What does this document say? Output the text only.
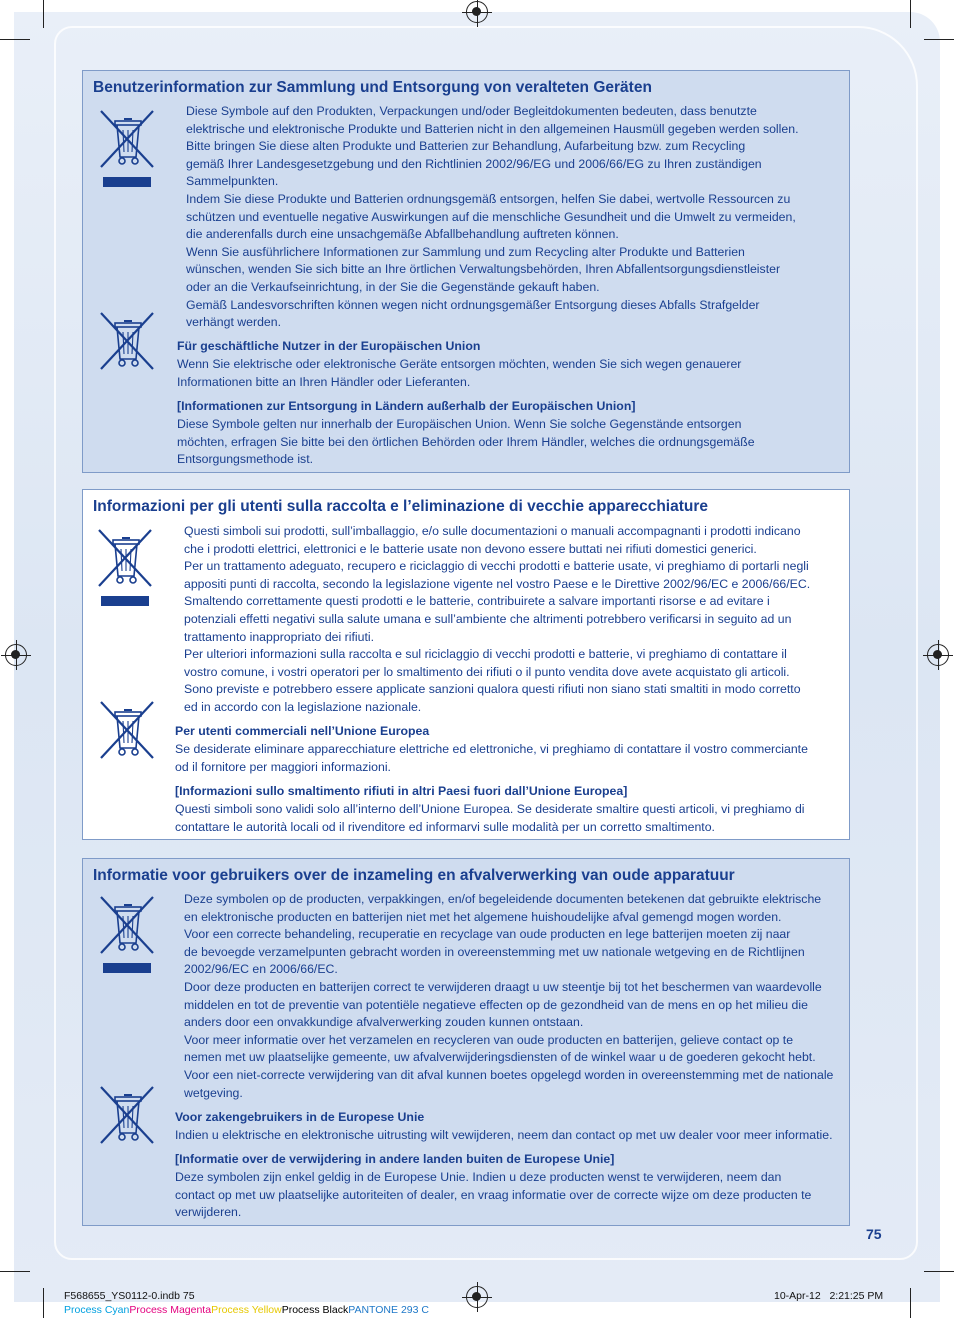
Benutzerinformation zur Sammlung und Entsorgung von veralteten Geräten

Diese Symbole auf den Produkten, Verpackungen und/oder Begleitdokumenten bedeuten, dass benutzte

elektrische und elektronische Produkte und Batterien nicht in den allgemeinen Hausmüll gegeben werden sollen.

Bitte bringen Sie diese alten Produkte und Batterien zur Behandlung, Aufarbeitung bzw. zum Recycling

gemäß Ihrer Landesgesetzgebung und den Richtlinien 2002/96/EG und 2006/66/EG zu Ihren zuständigen

Sammelpunkten.

Indem Sie diese Produkte und Batterien ordnungsgemäß entsorgen, helfen Sie dabei, wertvolle Ressourcen zu

schützen und eventuelle negative Auswirkungen auf die menschliche Gesundheit und die Umwelt zu vermeiden,

die anderenfalls durch eine unsachgemäße Abfallbehandlung auftreten können.

Wenn Sie ausführlichere Informationen zur Sammlung und zum Recycling alter Produkte und Batterien

wünschen, wenden Sie sich bitte an Ihre örtlichen Verwaltungsbehörden, Ihren Abfallentsorgungsdienstleister

oder an die Verkaufseinrichtung, in der Sie die Gegenstände gekauft haben.

Gemäß Landesvorschriften können wegen nicht ordnungsgemäßer Entsorgung dieses Abfalls Strafgelder

verhängt werden.

Für geschäftliche Nutzer in der Europäischen Union

Wenn Sie elektrische oder elektronische Geräte entsorgen möchten, wenden Sie sich wegen genauerer

Informationen bitte an Ihren Händler oder Lieferanten.

[Informationen zur Entsorgung in Ländern außerhalb der Europäischen Union]

Diese Symbole gelten nur innerhalb der Europäischen Union. Wenn Sie solche Gegenstände entsorgen

möchten, erfragen Sie bitte bei den örtlichen Behörden oder Ihrem Händler, welches die ordnungsgemäße

Entsorgungsmethode ist.

Informazioni per gli utenti sulla raccolta e l’eliminazione di vecchie apparecchiature

Questi simboli sui prodotti, sull’imballaggio, e/o sulle documentazioni o manuali accompagnanti i prodotti indicano

che i prodotti elettrici, elettronici e le batterie usate non devono essere buttati nei rifiuti domestici generici.

Per un trattamento adeguato, recupero e riciclaggio di vecchi prodotti e batterie usate, vi preghiamo di portarli negli

appositi punti di raccolta, secondo la legislazione vigente nel vostro Paese e le Direttive 2002/96/EC e 2006/66/EC.

Smaltendo correttamente questi prodotti e le batterie, contribuirete a salvare importanti risorse e ad evitare i

potenziali effetti negativi sulla salute umana e sull’ambiente che altrimenti potrebbero verificarsi in seguito ad un

trattamento inappropriato dei rifiuti.

Per ulteriori informazioni sulla raccolta e sul riciclaggio di vecchi prodotti e batterie, vi preghiamo di contattare il

vostro comune, i vostri operatori per lo smaltimento dei rifiuti o il punto vendita dove avete acquistato gli articoli.

Sono previste e potrebbero essere applicate sanzioni qualora questi rifiuti non siano stati smaltiti in modo corretto

ed in accordo con la legislazione nazionale.

Per utenti commerciali nell’Unione Europea

Se desiderate eliminare apparecchiature elettriche ed elettroniche, vi preghiamo di contattare il vostro commerciante

od il fornitore per maggiori informazioni.

[Informazioni sullo smaltimento rifiuti in altri Paesi fuori dall’Unione Europea]

Questi simboli sono validi solo all’interno dell’Unione Europea. Se desiderate smaltire questi articoli, vi preghiamo di

contattare le autorità locali od il rivenditore ed informarvi sulle modalità per un corretto smaltimento.

Informatie voor gebruikers over de inzameling en afvalverwerking van oude apparatuur

Deze symbolen op de producten, verpakkingen, en/of begeleidende documenten betekenen dat gebruikte elektrische

en elektronische producten en batterijen niet met het algemene huishoudelijke afval gemengd mogen worden.

Voor een correcte behandeling, recuperatie en recyclage van oude producten en lege batterijen moeten zij naar

de bevoegde verzamelpunten gebracht worden in overeenstemming met uw nationale wetgeving en de Richtlijnen

2002/96/EC en 2006/66/EC.

Door deze producten en batterijen correct te verwijderen draagt u uw steentje bij tot het beschermen van waardevolle

middelen en tot de preventie van potentiële negatieve effecten op de gezondheid van de mens en op het milieu die

anders door een onvakkundige afvalverwerking zouden kunnen ontstaan.

Voor meer informatie over het verzamelen en recycleren van oude producten en batterijen, gelieve contact op te

nemen met uw plaatselijke gemeente, uw afvalverwijderingsdiensten of de winkel waar u de goederen gekocht hebt.

Voor een niet-correcte verwijdering van dit afval kunnen boetes opgelegd worden in overeenstemming met de nationale

wetgeving.

Voor zakengebruikers in de Europese Unie

Indien u elektrische en elektronische uitrusting wilt vewijderen, neem dan contact op met uw dealer voor meer informatie.

[Informatie over de verwijdering in andere landen buiten de Europese Unie]

Deze symbolen zijn enkel geldig in de Europese Unie. Indien u deze producten wenst te verwijderen, neem dan

contact op met uw plaatselijke autoriteiten of dealer, en vraag informatie over de correcte wijze om deze producten te

verwijderen.

75
F568655_YS0112-0.indb 75	10-Apr-12   2:21:25 PM
Process CyanProcess MagentaProcess YellowProcess BlackPANTONE 293 C
